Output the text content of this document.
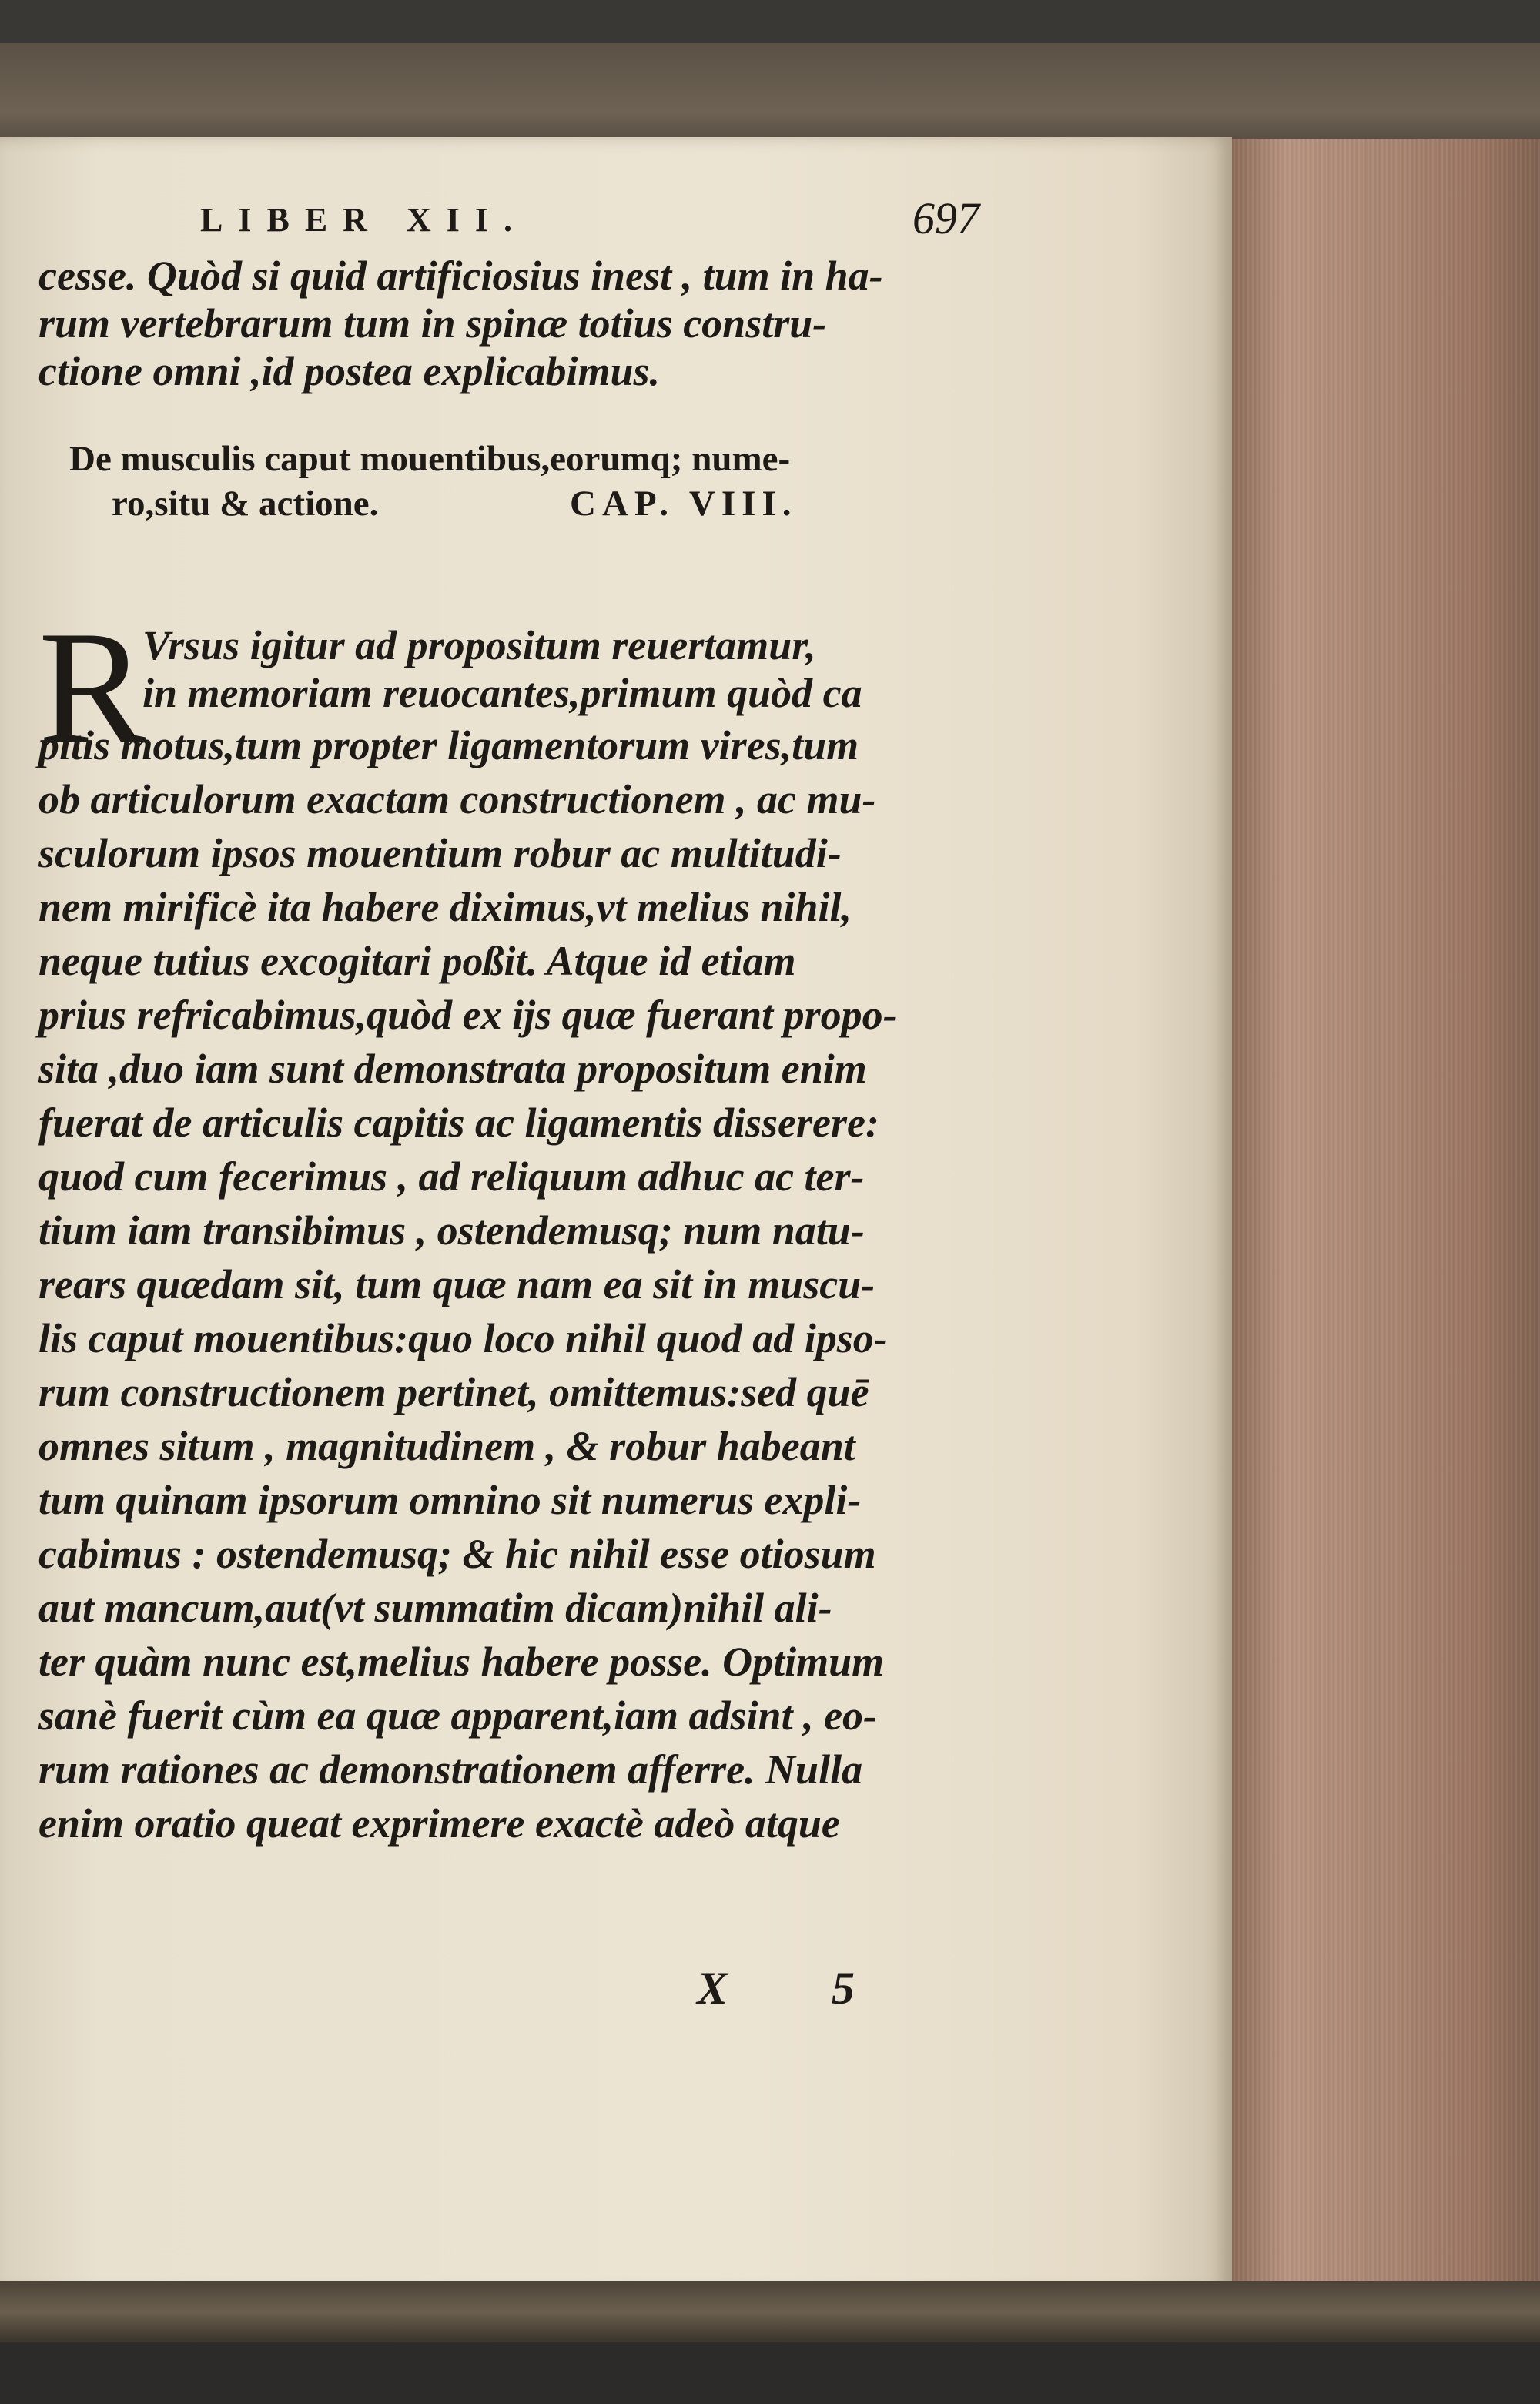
LIBER XII.	697
cesse. Quòd si quid artificiosius inest , tum in ha-
rum vertebrarum tum in spinæ totius constru-
ctione omni ,id postea explicabimus.
De musculis caput mouentibus,eorumq; nume-
ro,situ & actione.	CAP. VIII.
R
Vrsus igitur ad propositum reuertamur,
in memoriam reuocantes,primum quòd ca
pitis motus,tum propter ligamentorum vires,tum
ob articulorum exactam constructionem , ac mu-
sculorum ipsos mouentium robur ac multitudi-
nem mirificè ita habere diximus,vt melius nihil,
neque tutius excogitari poßit. Atque id etiam
prius refricabimus,quòd ex ijs quæ fuerant propo-
sita ,duo iam sunt demonstrata propositum enim
fuerat de articulis capitis ac ligamentis disserere:
quod cum fecerimus , ad reliquum adhuc ac ter-
tium iam transibimus , ostendemusq; num natu-
rears quædam sit, tum quæ nam ea sit in muscu-
lis caput mouentibus:quo loco nihil quod ad ipso-
rum constructionem pertinet, omittemus:sed quē
omnes situm , magnitudinem , & robur habeant
tum quinam ipsorum omnino sit numerus expli-
cabimus : ostendemusq; & hic nihil esse otiosum
aut mancum,aut(vt summatim dicam)nihil ali-
ter quàm nunc est,melius habere posse. Optimum
sanè fuerit cùm ea quæ apparent,iam adsint , eo-
rum rationes ac demonstrationem afferre. Nulla
enim oratio queat exprimere exactè adeò atque
X 5
